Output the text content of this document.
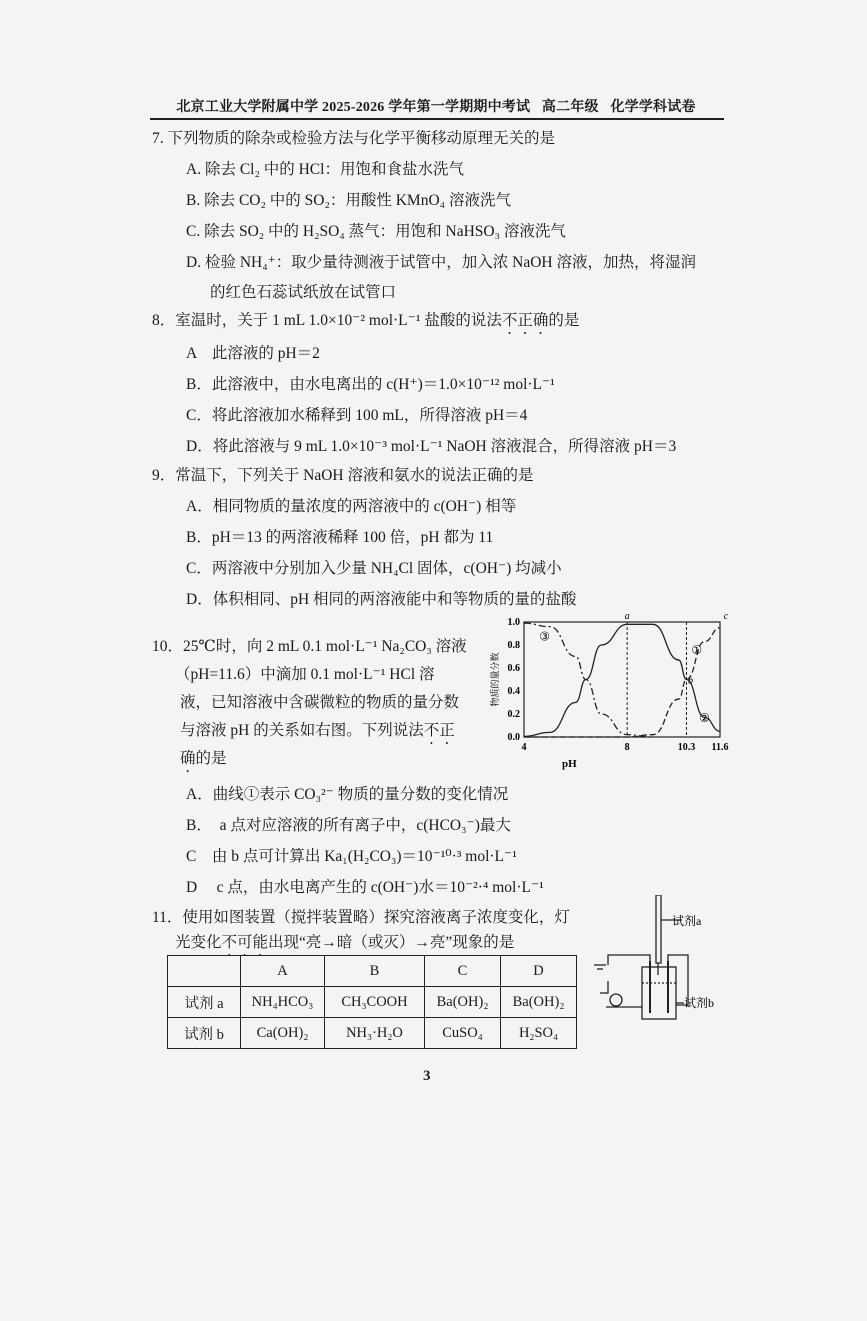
北京工业大学附属中学 2025-2026 学年第一学期期中考试 高二年级 化学学科试卷
7. 下列物质的除杂或检验方法与化学平衡移动原理无关的是
A. 除去 Cl₂ 中的 HCl：用饱和食盐水洗气
B. 除去 CO₂ 中的 SO₂：用酸性 KMnO₄ 溶液洗气
C. 除去 SO₂ 中的 H₂SO₄ 蒸气：用饱和 NaHSO₃ 溶液洗气
D. 检验 NH₄⁺：取少量待测液于试管中，加入浓 NaOH 溶液，加热，将湿润
的红色石蕊试纸放在试管口
8．室温时，关于 1 mL 1.0×10⁻² mol·L⁻¹ 盐酸的说法不正确的是
A　此溶液的 pH＝2
B．此溶液中，由水电离出的 c(H⁺)＝1.0×10⁻¹² mol·L⁻¹
C．将此溶液加水稀释到 100 mL，所得溶液 pH＝4
D．将此溶液与 9 mL 1.0×10⁻³ mol·L⁻¹ NaOH 溶液混合，所得溶液 pH＝3
9．常温下，下列关于 NaOH 溶液和氨水的说法正确的是
A．相同物质的量浓度的两溶液中的 c(OH⁻) 相等
B．pH＝13 的两溶液稀释 100 倍，pH 都为 11
C．两溶液中分别加入少量 NH₄Cl 固体，c(OH⁻) 均减小
D．体积相同、pH 相同的两溶液能中和等物质的量的盐酸
10．25℃时，向 2 mL 0.1 mol·L⁻¹ Na₂CO₃ 溶液
（pH=11.6）中滴加 0.1 mol·L⁻¹ HCl 溶
液，已知溶液中含碳微粒的物质的量分数
与溶液 pH 的关系如右图。下列说法不正
确的是
A．曲线①表示 CO₃²⁻ 物质的量分数的变化情况
B．　a 点对应溶液的所有离子中，c(HCO₃⁻)最大
C　由 b 点可计算出 Ka₁(H₂CO₃)＝10⁻¹⁰·³ mol·L⁻¹
D　 c 点，由水电离产生的 c(OH⁻)水＝10⁻²·⁴ mol·L⁻¹
0.0
0.2
0.4
0.6
0.8
1.0
4	8	10.3 11.6
pH
物质的量分数
①
②
③
a
b
c
11．使用如图装置（搅拌装置略）探究溶液离子浓度变化，灯
光变化不可能出现“亮→暗（或灭）→亮”现象的是
	A	B	C	D
试剂 a	NH₄HCO₃	CH₃COOH	Ba(OH)₂	Ba(OH)₂
试剂 b	Ca(OH)₂	NH₃·H₂O	CuSO₄	H₂SO₄
试剂a
试剂b
3
